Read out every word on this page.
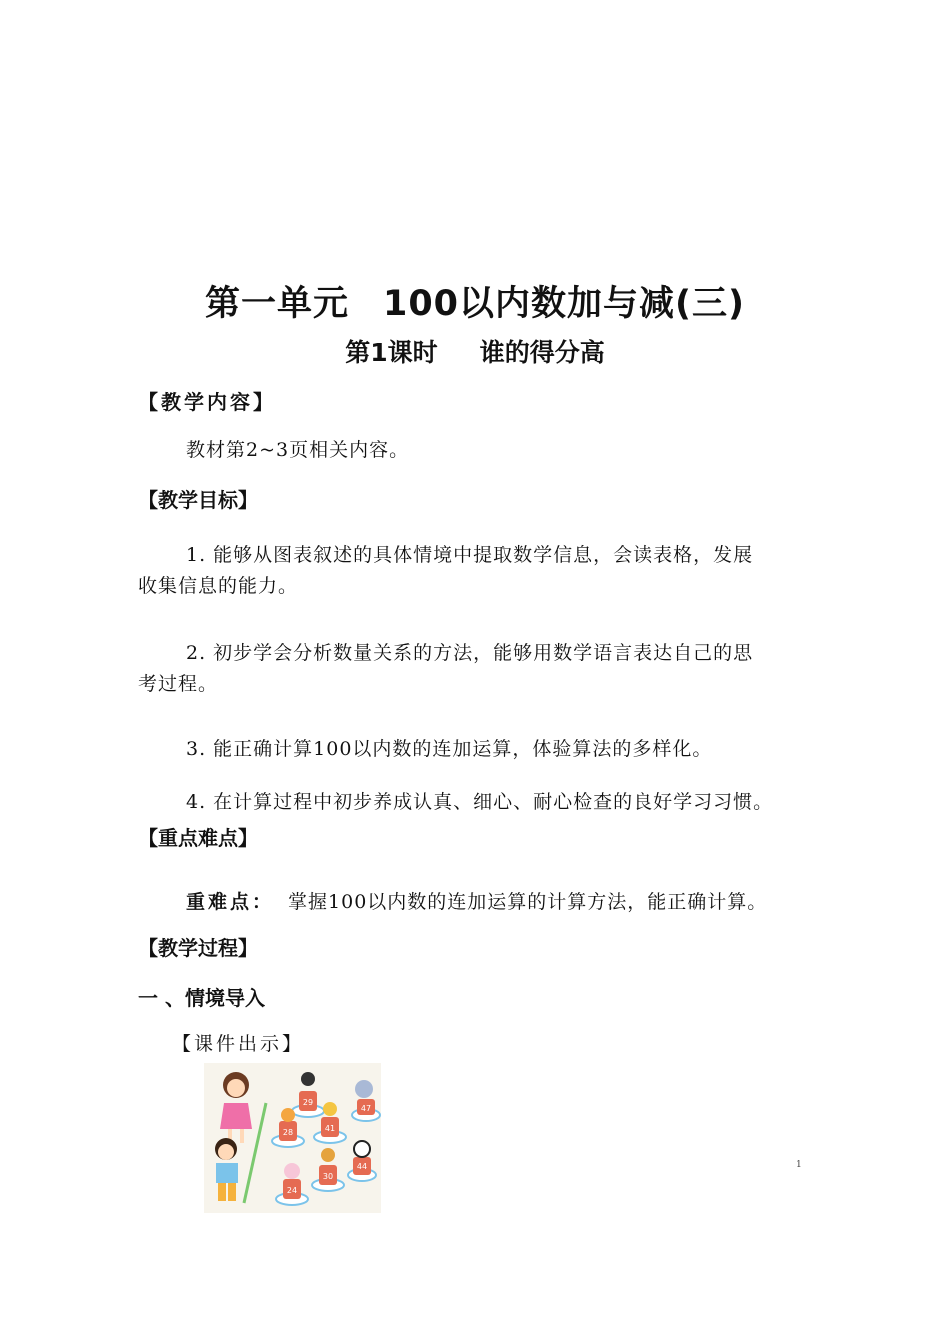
第一单元 100以内数加与减(三)
第1课时 谁的得分高
【教学内容】
教材第2~3页相关内容。
【教学目标】
1. 能够从图表叙述的具体情境中提取数学信息，会读表格，发展
收集信息的能力。
2. 初步学会分析数量关系的方法，能够用数学语言表达自己的思
考过程。
3. 能正确计算100以内数的连加运算，体验算法的多样化。
4. 在计算过程中初步养成认真、细心、耐心检查的良好学习习惯。
【重点难点】
重难点： 掌握100以内数的连加运算的计算方法，能正确计算。
【教学过程】
一 、情境导入
【课件出示】
29
47
28	41
30
44
24
1
